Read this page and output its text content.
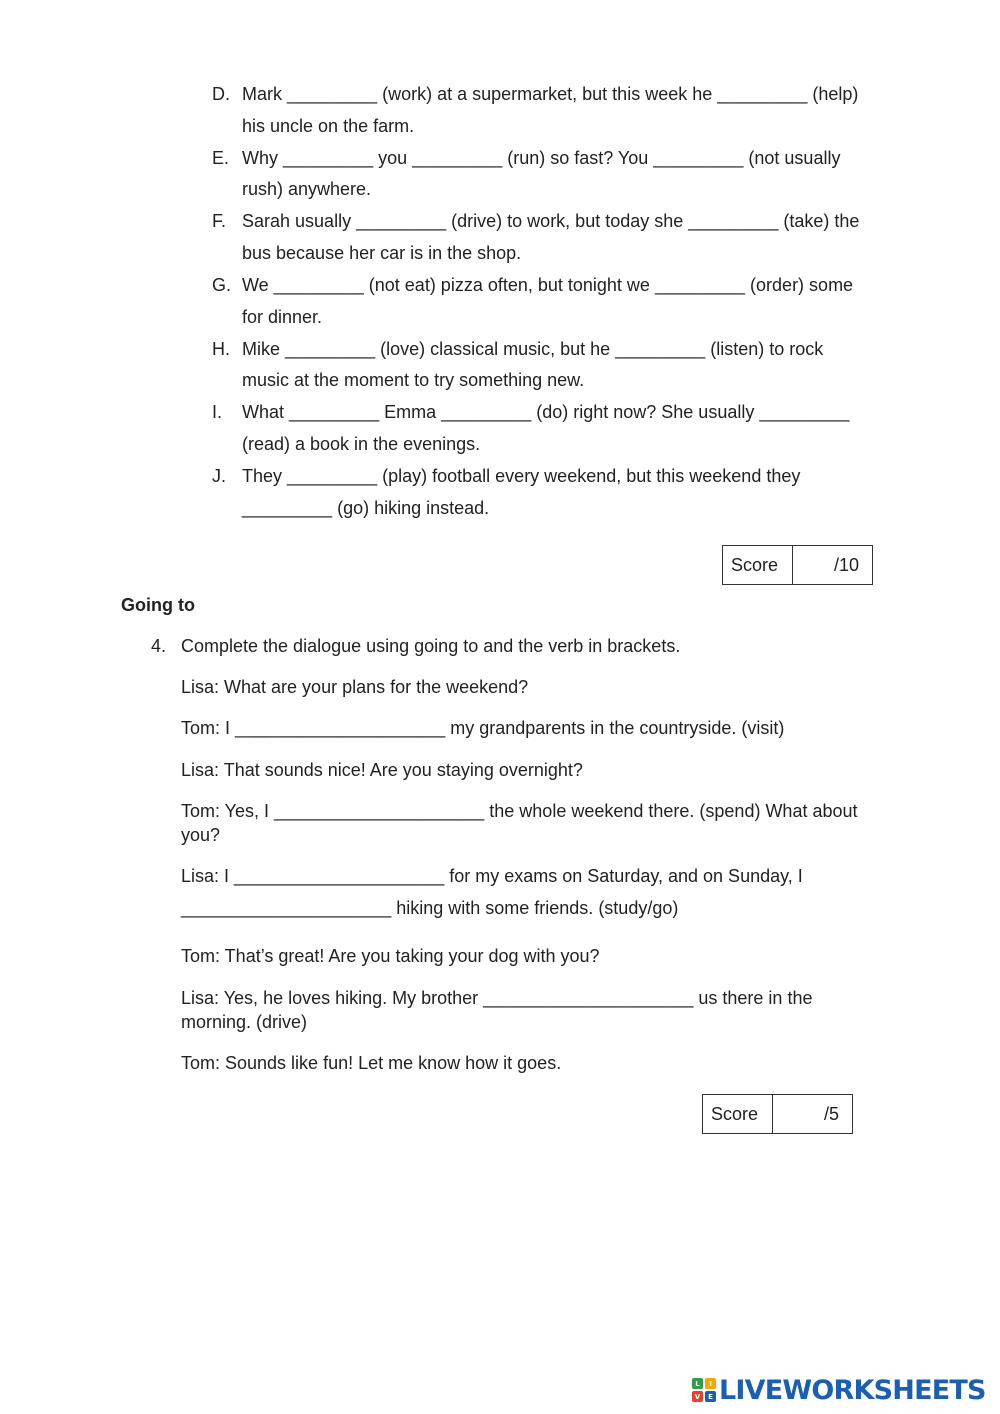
D. Mark _________ (work) at a supermarket, but this week he _________ (help)
his uncle on the farm.
E. Why _________ you _________ (run) so fast? You _________ (not usually
rush) anywhere.
F. Sarah usually _________ (drive) to work, but today she _________ (take) the
bus because her car is in the shop.
G. We _________ (not eat) pizza often, but tonight we _________ (order) some
for dinner.
H. Mike _________ (love) classical music, but he _________ (listen) to rock
music at the moment to try something new.
I.	What _________ Emma _________ (do) right now? She usually _________
(read) a book in the evenings.
J. They _________ (play) football every weekend, but this weekend they
_________ (go) hiking instead.
Score	/10
Going to
4. Complete the dialogue using going to and the verb in brackets.
Lisa: What are your plans for the weekend?
Tom: I _____________________ my grandparents in the countryside. (visit)
Lisa: That sounds nice! Are you staying overnight?
Tom: Yes, I _____________________ the whole weekend there. (spend) What about
you?
Lisa: I _____________________ for my exams on Saturday, and on Sunday, I
_____________________ hiking with some friends. (study/go)
Tom: That’s great! Are you taking your dog with you?
Lisa: Yes, he loves hiking. My brother _____________________ us there in the
morning. (drive)
Tom: Sounds like fun! Let me know how it goes.
Score	/5
L	I
V	E LIVEWORKSHEETS
